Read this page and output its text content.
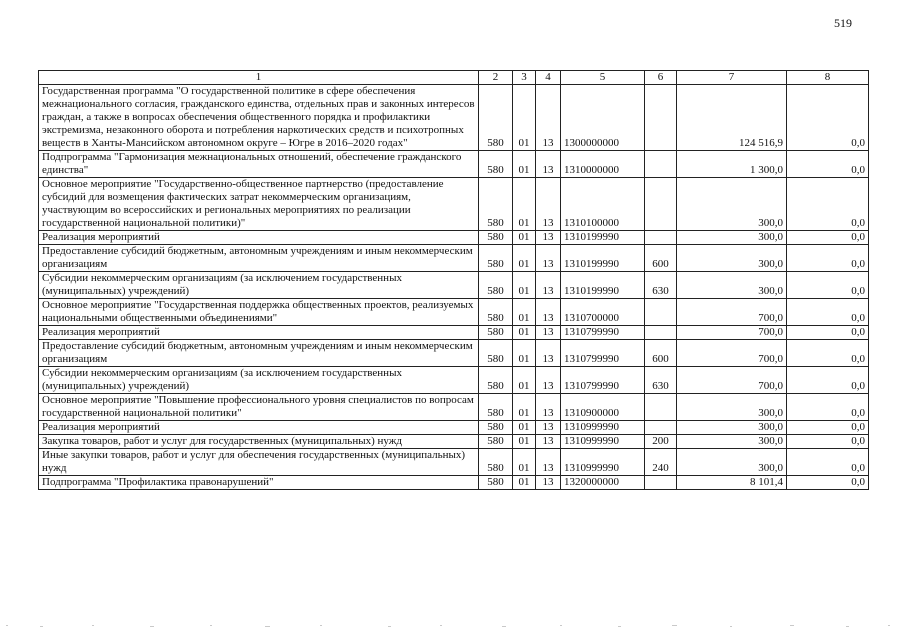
519
1	2	3	4	5	6	7	8
Государственная программа "О государственной политике в сфере обеспечения межнационального согласия, гражданского единства, отдельных прав и законных интересов граждан, а также в вопросах обеспечения общественного порядка и профилактики экстремизма, незаконного оборота и потребления наркотических средств и психотропных веществ в Ханты-Мансийском автономном округе – Югре в 2016–2020 годах"	580	01	13	1300000000		124 516,9	0,0
Подпрограмма "Гармонизация межнациональных отношений, обеспечение гражданского единства"	580	01	13	1310000000		1 300,0	0,0
Основное мероприятие "Государственно-общественное партнерство (предоставление субсидий для возмещения фактических затрат некоммерческим организациям, участвующим во всероссийских и региональных мероприятиях по реализации государственной национальной политики)"	580	01	13	1310100000		300,0	0,0
Реализация мероприятий	580	01	13	1310199990		300,0	0,0
Предоставление субсидий бюджетным, автономным учреждениям и иным некоммерческим организациям	580	01	13	1310199990	600	300,0	0,0
Субсидии некоммерческим организациям (за исключением государственных (муниципальных) учреждений)	580	01	13	1310199990	630	300,0	0,0
Основное мероприятие "Государственная поддержка общественных проектов, реализуемых национальными общественными объединениями"	580	01	13	1310700000		700,0	0,0
Реализация мероприятий	580	01	13	1310799990		700,0	0,0
Предоставление субсидий бюджетным, автономным учреждениям и иным некоммерческим организациям	580	01	13	1310799990	600	700,0	0,0
Субсидии некоммерческим организациям (за исключением государственных (муниципальных) учреждений)	580	01	13	1310799990	630	700,0	0,0
Основное мероприятие "Повышение профессионального уровня специалистов по вопросам государственной национальной политики"	580	01	13	1310900000		300,0	0,0
Реализация мероприятий	580	01	13	1310999990		300,0	0,0
Закупка товаров, работ и услуг для государственных (муниципальных) нужд	580	01	13	1310999990	200	300,0	0,0
Иные закупки товаров, работ и услуг для обеспечения государственных (муниципальных) нужд	580	01	13	1310999990	240	300,0	0,0
Подпрограмма "Профилактика правонарушений"	580	01	13	1320000000		8 101,4	0,0
